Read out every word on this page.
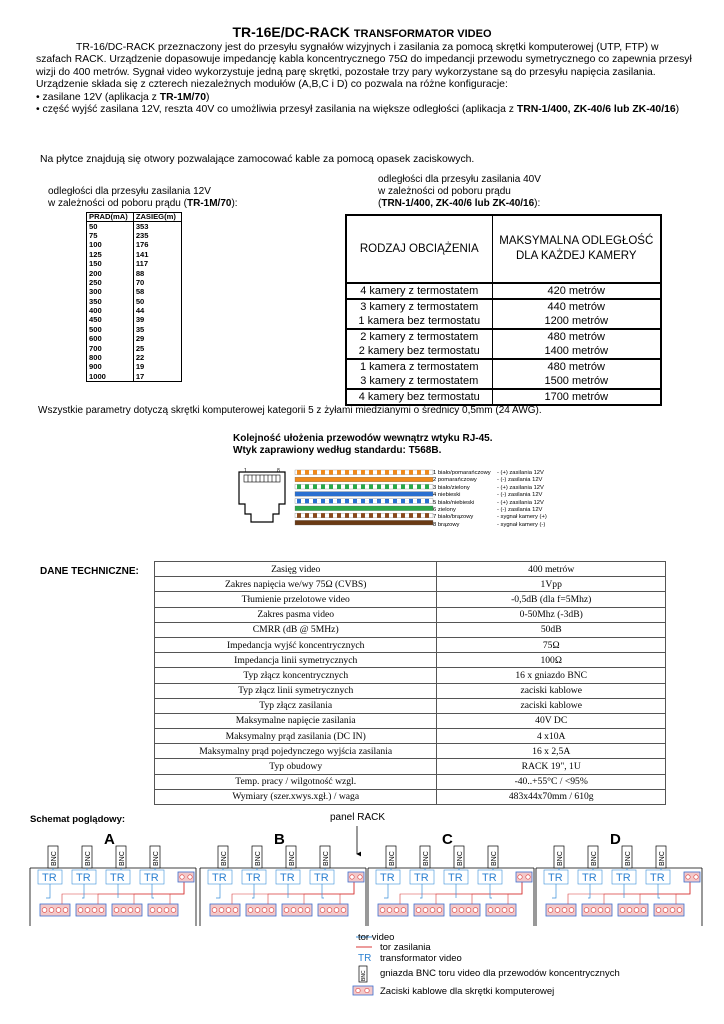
TR-16E/DC-RACK TRANSFORMATOR VIDEO

TR-16/DC-RACK przeznaczony jest do przesyłu sygnałów wizyjnych i zasilania za pomocą skrętki komputerowej (UTP, FTP) w szafach RACK. Urządzenie dopasowuje impedancję kabla koncentrycznego 75Ω do impedancji przewodu symetrycznego co zapewnia przesył wizji do 400 metrów. Sygnał video wykorzystuje jedną parę skrętki, pozostałe trzy pary wykorzystane są do przesyłu napięcia zasilania.

Urządzenie składa się z czterech niezależnych modułów (A,B,C i D) co pozwala na różne konfiguracje:

• zasilane 12V (aplikacja z TR-1M/70)

• część wyjść zasilana 12V, reszta 40V co umożliwia przesył zasilania na większe odległości (aplikacja z TRN-1/400, ZK-40/6 lub ZK-40/16)

Na płytce znajdują się otwory pozwalające zamocować kable za pomocą opasek zaciskowych.
odległości dla przesyłu zasilania 12V
w zależności od poboru prądu (TR-1M/70):
PRAD(mA)	ZASIEG(m)
50	353
75	235
100	176
125	141
150	117
200	88
250	70
300	58
350	50
400	44
450	39
500	35
600	29
700	25
800	22
900	19
1000	17
odległości dla przesyłu zasilania 40V
w zależności od poboru prądu
(TRN-1/400, ZK-40/6 lub ZK-40/16):
RODZAJ OBCIĄŻENIA	MAKSYMALNA ODLEGŁOŚĆ DLA KAŻDEJ KAMERY
4 kamery z termostatem	420 metrów
3 kamery z termostatem	440 metrów
1 kamera bez termostatu	1200 metrów
2 kamery z termostatem	480 metrów
2 kamery bez termostatu	1400 metrów
1 kamera z termostatem	480 metrów
3 kamery z termostatem	1500 metrów
4 kamery bez termostatu	1700 metrów
Wszystkie parametry dotyczą skrętki komputerowej kategorii 5 z żyłami miedzianymi o średnicy 0,5mm (24 AWG).
Kolejność ułożenia przewodów wewnątrz wtyku RJ-45.
Wtyk zaprawiony według standardu: T568B.
1	8	1 biało/pomarańczowy	- (+) zasilania 12V
2 pomarańczowy	- (-) zasilania 12V
3 biało/zielony	- (+) zasilania 12V
4 niebieski	- (-) zasilania 12V
5 biało/niebieski	- (+) zasilania 12V
6 zielony	- (-) zasilania 12V
7 biało/brązowy	- sygnał kamery (+)
8 brązowy	- sygnał kamery (-)
DANE TECHNICZNE:	Zasięg video	400 metrów
Zakres napięcia we/wy 75Ω (CVBS)	1Vpp
Tłumienie przelotowe video	-0,5dB (dla f=5Mhz)
Zakres pasma video	0-50Mhz (-3dB)
CMRR (dB @ 5MHz)	50dB
Impedancja wyjść koncentrycznych	75Ω
Impedancja linii symetrycznych	100Ω
Typ złącz koncentrycznych	16 x gniazdo BNC
Typ złącz linii symetrycznych	zaciski kablowe
Typ złącz zasilania	zaciski kablowe
Maksymalne napięcie zasilania	40V DC
Maksymalny prąd zasilania (DC IN)	4 x10A
Maksymalny prąd pojedynczego wyjścia zasilania	16 x 2,5A
Typ obudowy	RACK 19", 1U
Temp. pracy / wilgotność wzgl.	-40..+55°C / <95%
Wymiary (szer.xwys.xgł.) / waga	483x44x70mm / 610g
Schemat poglądowy:	panel RACK
A
BNC
TR
BNC
TR
BNC
TR
BNC
TR
B
BNC
TR
BNC
TR
BNC
TR
BNC
TR
C
BNC
TR
BNC
TR
BNC
TR
BNC
TR
D
BNC
TR
BNC
TR
BNC
TR
BNC
TR
TR
BNC
tor video
tor zasilania
transformator video
gniazda BNC toru video dla przewodów koncentrycznych
Zaciski kablowe dla skrętki komputerowej
